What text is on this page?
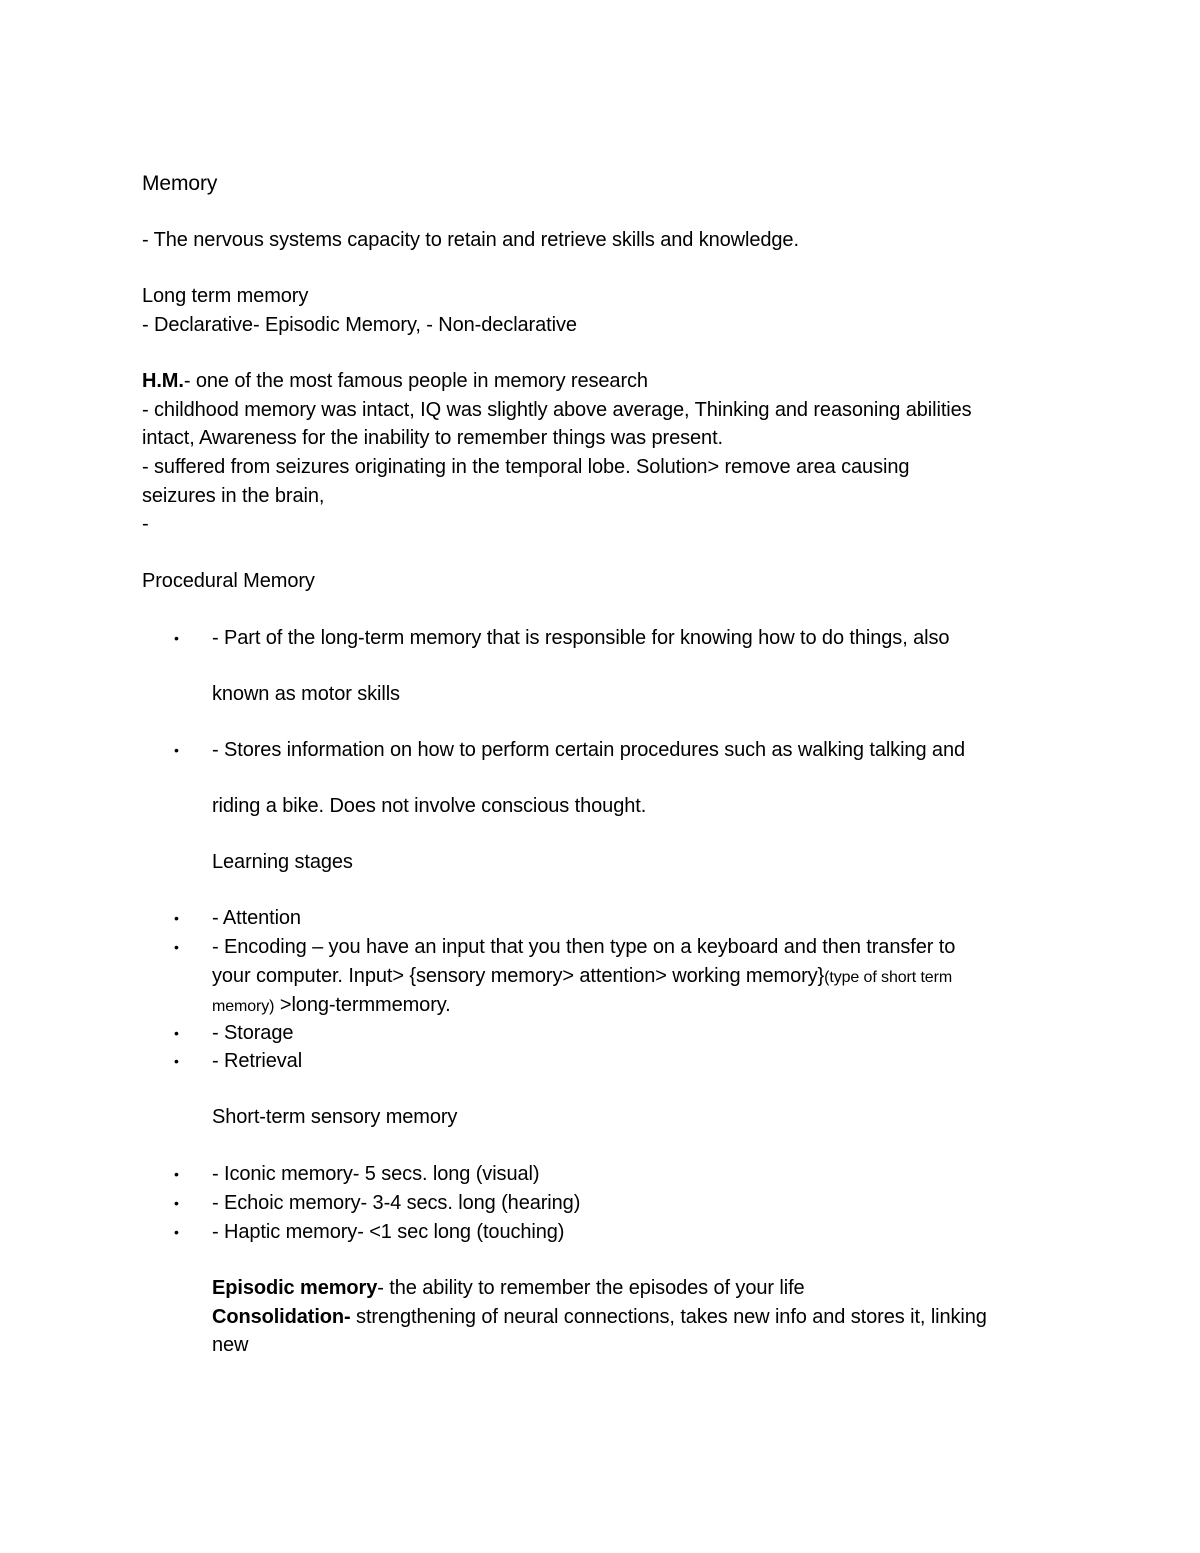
Memory
- The nervous systems capacity to retain and retrieve skills and knowledge.
Long term memory
- Declarative- Episodic Memory, - Non-declarative
H.M.- one of the most famous people in memory research
- childhood memory was intact, IQ was slightly above average, Thinking and reasoning abilities
intact, Awareness for the inability to remember things was present.
- suffered from seizures originating in the temporal lobe. Solution> remove area causing
seizures in the brain,
-
Procedural Memory
• - Part of the long-term memory that is responsible for knowing how to do things, also
known as motor skills
• - Stores information on how to perform certain procedures such as walking talking and
riding a bike. Does not involve conscious thought.
Learning stages
• - Attention
• - Encoding – you have an input that you then type on a keyboard and then transfer to
your computer. Input> {sensory memory> attention> working memory}(type of short term
memory) >long-termmemory.
• - Storage
• - Retrieval
Short-term sensory memory
• - Iconic memory- 5 secs. long (visual)
• - Echoic memory- 3-4 secs. long (hearing)
• - Haptic memory- <1 sec long (touching)
Episodic memory- the ability to remember the episodes of your life
Consolidation- strengthening of neural connections, takes new info and stores it, linking
new
